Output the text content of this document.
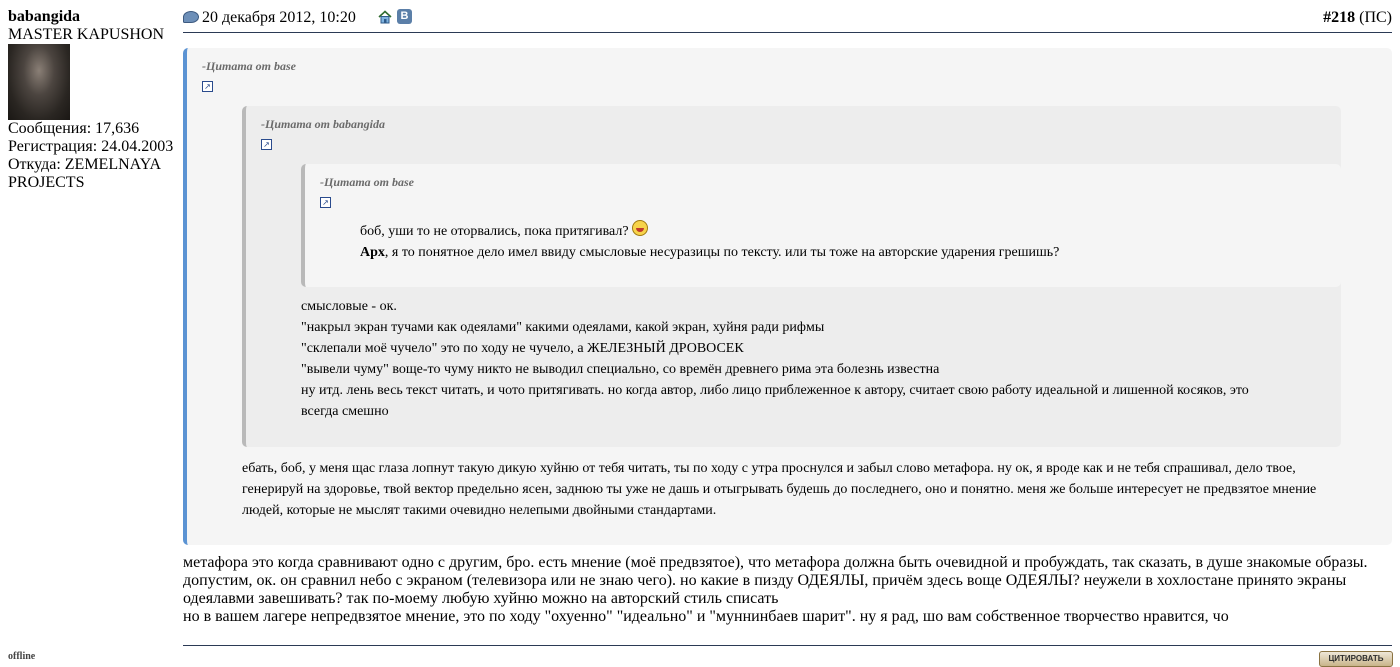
babangida
MASTER KAPUSHON
Сообщения: 17,636
Регистрация: 24.04.2003
Откуда: ZEMELNAYA
PROJECTS
20 декабря 2012, 10:20	В	#218 (ПС)
-Цитата от base
↗
-Цитата от babangida
↗
-Цитата от base
↗
боб, уши то не оторвались, пока притягивал?
Арх, я то понятное дело имел ввиду смысловые несуразицы по тексту. или ты тоже на авторские ударения грешишь?
смысловые - ок.
"накрыл экран тучами как одеялами" какими одеялами, какой экран, хуйня ради рифмы
"склепали моё чучело" это по ходу не чучело, а ЖЕЛЕЗНЫЙ ДРОВОСЕК
"вывели чуму" воще-то чуму никто не выводил специально, со времён древнего рима эта болезнь известна
ну итд. лень весь текст читать, и чото притягивать. но когда автор, либо лицо приблеженное к автору, считает свою работу идеальной и лишенной косяков, это
всегда смешно
ебать, боб, у меня щас глаза лопнут такую дикую хуйню от тебя читать, ты по ходу с утра проснулся и забыл слово метафора. ну ок, я вроде как и не тебя спрашивал, дело твое,
генерируй на здоровье, твой вектор предельно ясен, заднюю ты уже не дашь и отыгрывать будешь до последнего, оно и понятно. меня же больше интересует не предвзятое мнение
людей, которые не мыслят такими очевидно нелепыми двойными стандартами.
метафора это когда сравнивают одно с другим, бро. есть мнение (моё предвзятое), что метафора должна быть очевидной и пробуждать, так сказать, в душе знакомые образы.
допустим, ок. он сравнил небо с экраном (телевизора или не знаю чего). но какие в пизду ОДЕЯЛЫ, причём здесь воще ОДЕЯЛЫ? неужели в хохлостане принято экраны
одеялавми завешивать? так по-моему любую хуйню можно на авторский стиль списать
но в вашем лагере непредвзятое мнение, это по ходу "охуенно" "идеально" и "муннинбаев шарит". ну я рад, шо вам собственное творчество нравится, чо
offline	ЦИТИРОВАТЬ
